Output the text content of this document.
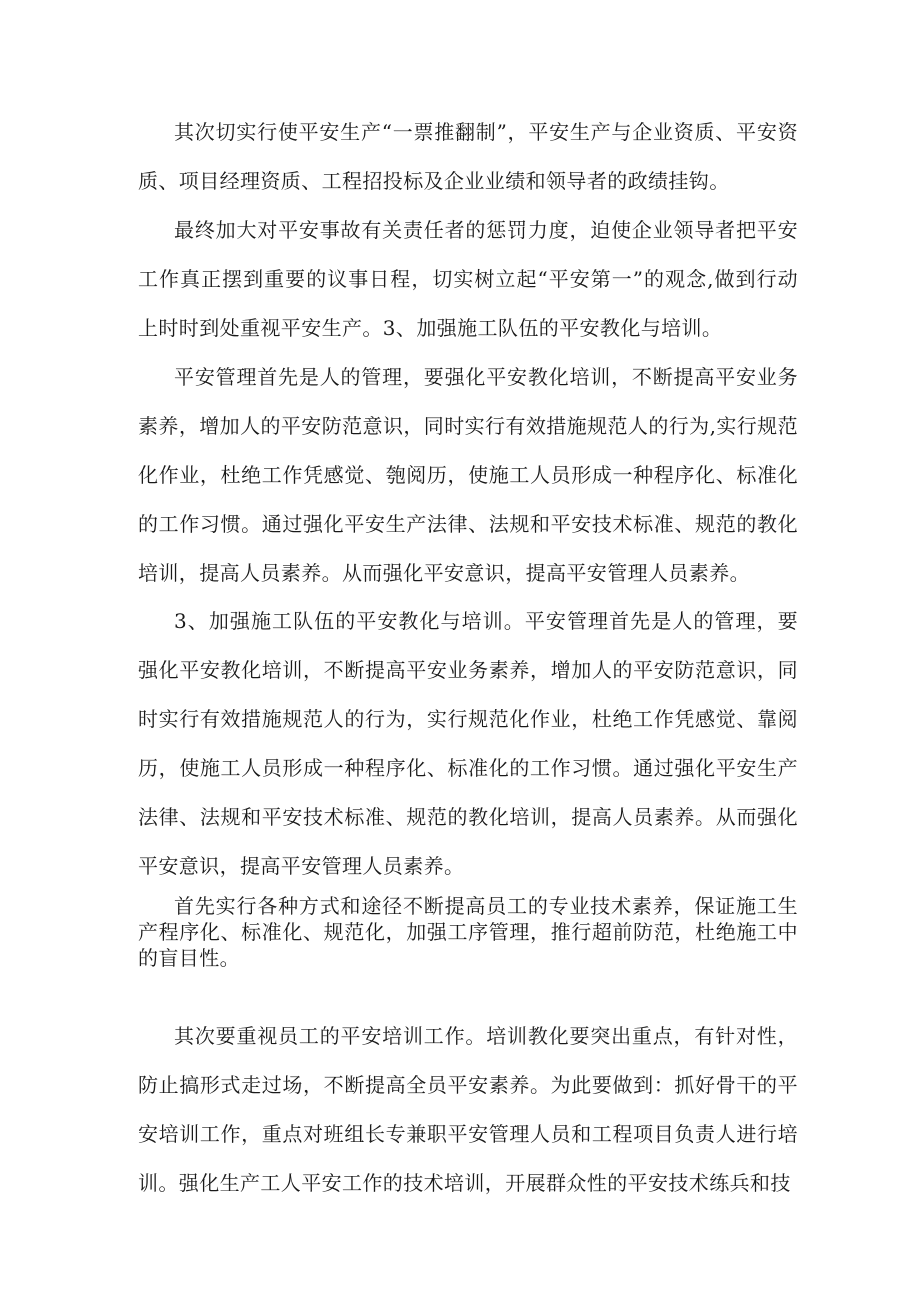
其次切实行使平安生产“一票推翻制”，平安生产与企业资质、平安资质、项目经理资质、工程招投标及企业业绩和领导者的政绩挂钩。

最终加大对平安事故有关责任者的惩罚力度，迫使企业领导者把平安工作真正摆到重要的议事日程，切实树立起“平安第一”的观念,做到行动上时时到处重视平安生产。3、加强施工队伍的平安教化与培训。

平安管理首先是人的管理，要强化平安教化培训，不断提高平安业务素养，增加人的平安防范意识，同时实行有效措施规范人的行为,实行规范化作业，杜绝工作凭感觉、匏阅历，使施工人员形成一种程序化、标准化的工作习惯。通过强化平安生产法律、法规和平安技术标准、规范的教化培训，提高人员素养。从而强化平安意识，提高平安管理人员素养。

3、加强施工队伍的平安教化与培训。平安管理首先是人的管理，要强化平安教化培训，不断提高平安业务素养，增加人的平安防范意识，同时实行有效措施规范人的行为，实行规范化作业，杜绝工作凭感觉、靠阅历，使施工人员形成一种程序化、标准化的工作习惯。通过强化平安生产法律、法规和平安技术标准、规范的教化培训，提高人员素养。从而强化平安意识，提高平安管理人员素养。

首先实行各种方式和途径不断提高员工的专业技术素养，保证施工生产程序化、标准化、规范化，加强工序管理，推行超前防范，杜绝施工中的盲目性。

其次要重视员工的平安培训工作。培训教化要突出重点，有针对性，防止搞形式走过场，不断提高全员平安素养。为此要做到：抓好骨干的平安培训工作，重点对班组长专兼职平安管理人员和工程项目负责人进行培训。强化生产工人平安工作的技术培训，开展群众性的平安技术练兵和技
